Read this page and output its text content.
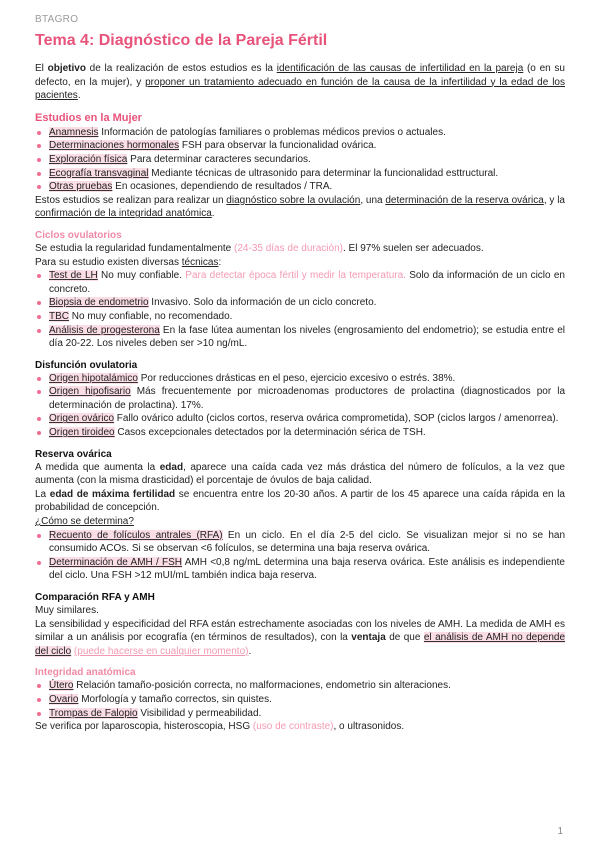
BTAGRO
Tema 4: Diagnóstico de la Pareja Fértil

El objetivo de la realización de estos estudios es la identificación de las causas de infertilidad en la pareja (o en su defecto, en la mujer), y proponer un tratamiento adecuado en función de la causa de la infertilidad y la edad de los pacientes.

Estudios en la Mujer
Anamnesis Información de patologías familiares o problemas médicos previos o actuales.
Determinaciones hormonales FSH para observar la funcionalidad ovárica.
Exploración física Para determinar caracteres secundarios.
Ecografía transvaginal Mediante técnicas de ultrasonido para determinar la funcionalidad esttructural.
Otras pruebas En ocasiones, dependiendo de resultados / TRA.

Estos estudios se realizan para realizar un diagnóstico sobre la ovulación, una determinación de la reserva ovárica, y la confirmación de la integridad anatómica.

Ciclos ovulatorios

Se estudia la regularidad fundamentalmente (24-35 días de duración). El 97% suelen ser adecuados.

Para su estudio existen diversas técnicas:

Test de LH No muy confiable. Para detectar época fértil y medir la temperatura. Solo da información de un ciclo en concreto.
Biopsia de endometrio Invasivo. Solo da información de un ciclo concreto.
TBC No muy confiable, no recomendado.
Análisis de progesterona En la fase lútea aumentan los niveles (engrosamiento del endometrio); se estudia entre el día 20-22. Los niveles deben ser >10 ng/mL.
Disfunción ovulatoria
Origen hipotalámico Por reducciones drásticas en el peso, ejercicio excesivo o estrés. 38%.
Origen hipofisario Más frecuentemente por microadenomas productores de prolactina (diagnosticados por la determinación de prolactina). 17%.
Origen ovárico Fallo ovárico adulto (ciclos cortos, reserva ovárica comprometida), SOP (ciclos largos / amenorrea).
Origen tiroideo Casos excepcionales detectados por la determinación sérica de TSH.
Reserva ovárica

A medida que aumenta la edad, aparece una caída cada vez más drástica del número de folículos, a la vez que aumenta (con la misma drasticidad) el porcentaje de óvulos de baja calidad.

La edad de máxima fertilidad se encuentra entre los 20-30 años. A partir de los 45 aparece una caída rápida en la probabilidad de concepción.

¿Cómo se determina?

Recuento de folículos antrales (RFA) En un ciclo. En el día 2-5 del ciclo. Se visualizan mejor si no se han consumido ACOs. Si se observan <6 folículos, se determina una baja reserva ovárica.
Determinación de AMH / FSH AMH <0,8 ng/mL determina una baja reserva ovárica. Este análisis es independiente del ciclo. Una FSH >12 mUI/mL también indica baja reserva.
Comparación RFA y AMH

Muy similares.

La sensibilidad y especificidad del RFA están estrechamente asociadas con los niveles de AMH. La medida de AMH es similar a un análisis por ecografía (en términos de resultados), con la ventaja de que el análisis de AMH no depende del ciclo (puede hacerse en cualquier momento).

Integridad anatómica
Útero Relación tamaño-posición correcta, no malformaciones, endometrio sin alteraciones.
Ovario Morfología y tamaño correctos, sin quistes.
Trompas de Falopio Visibilidad y permeabilidad.

Se verifica por laparoscopia, histeroscopia, HSG (uso de contraste), o ultrasonidos.

1
